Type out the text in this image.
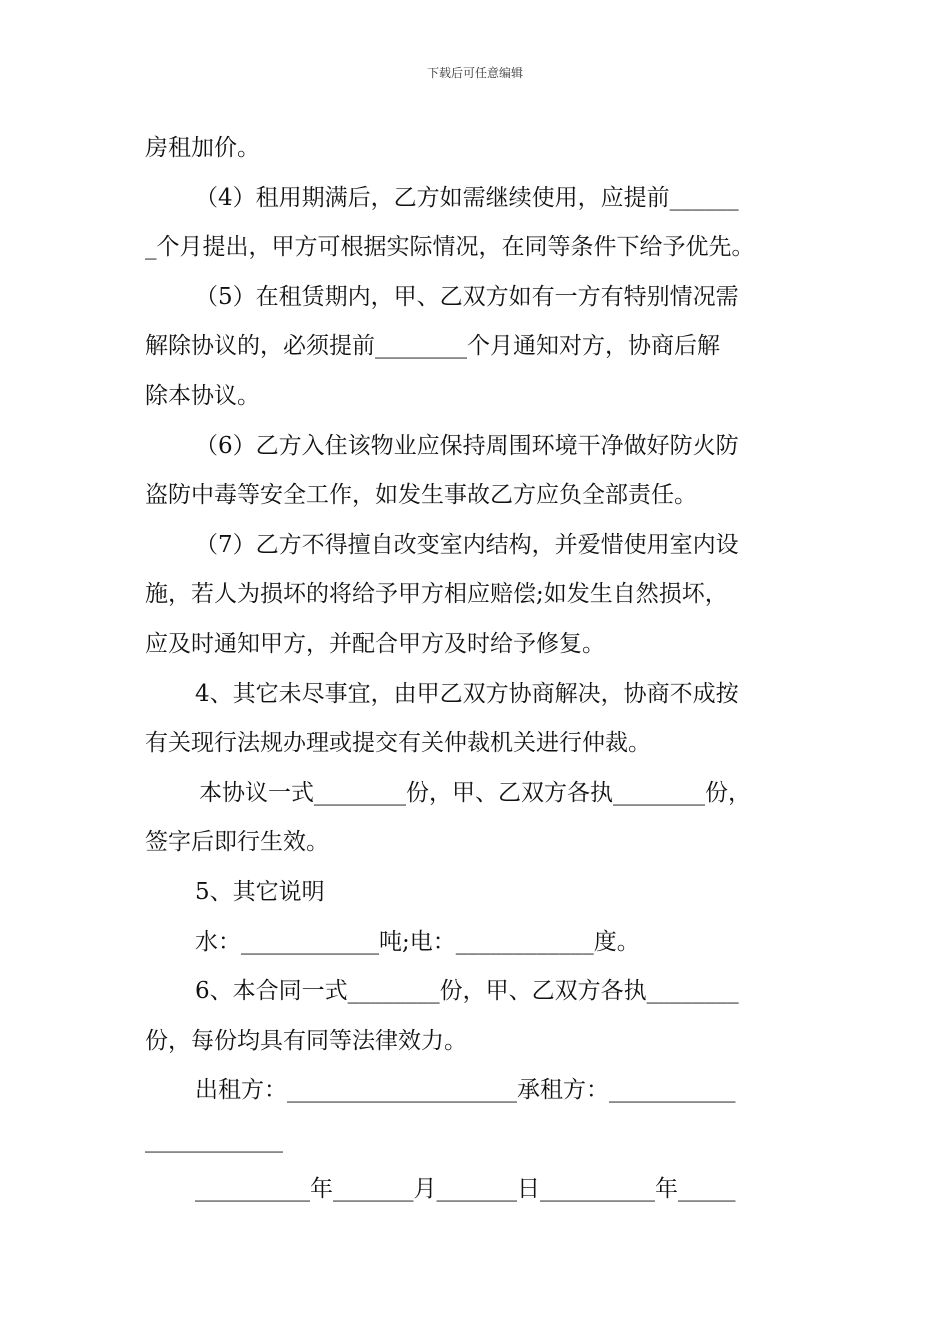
下载后可任意编辑
房租加价。
（4）租用期满后，乙方如需继续使用，应提前______
_个月提出，甲方可根据实际情况，在同等条件下给予优先。
（5）在租赁期内，甲、乙双方如有一方有特别情况需
解除协议的，必须提前________个月通知对方，协商后解
除本协议。
（6）乙方入住该物业应保持周围环境干净做好防火防
盗防中毒等安全工作，如发生事故乙方应负全部责任。
（7）乙方不得擅自改变室内结构，并爱惜使用室内设
施，若人为损坏的将给予甲方相应赔偿;如发生自然损坏，
应及时通知甲方，并配合甲方及时给予修复。
4、其它未尽事宜，由甲乙双方协商解决，协商不成按
有关现行法规办理或提交有关仲裁机关进行仲裁。
本协议一式________份，甲、乙双方各执________份，
签字后即行生效。
5、其它说明
水：____________吨;电：____________度。
6、本合同一式________份，甲、乙双方各执________
份，每份均具有同等法律效力。
出租方：____________________承租方：___________
____________
__________年_______月_______日__________年_____
